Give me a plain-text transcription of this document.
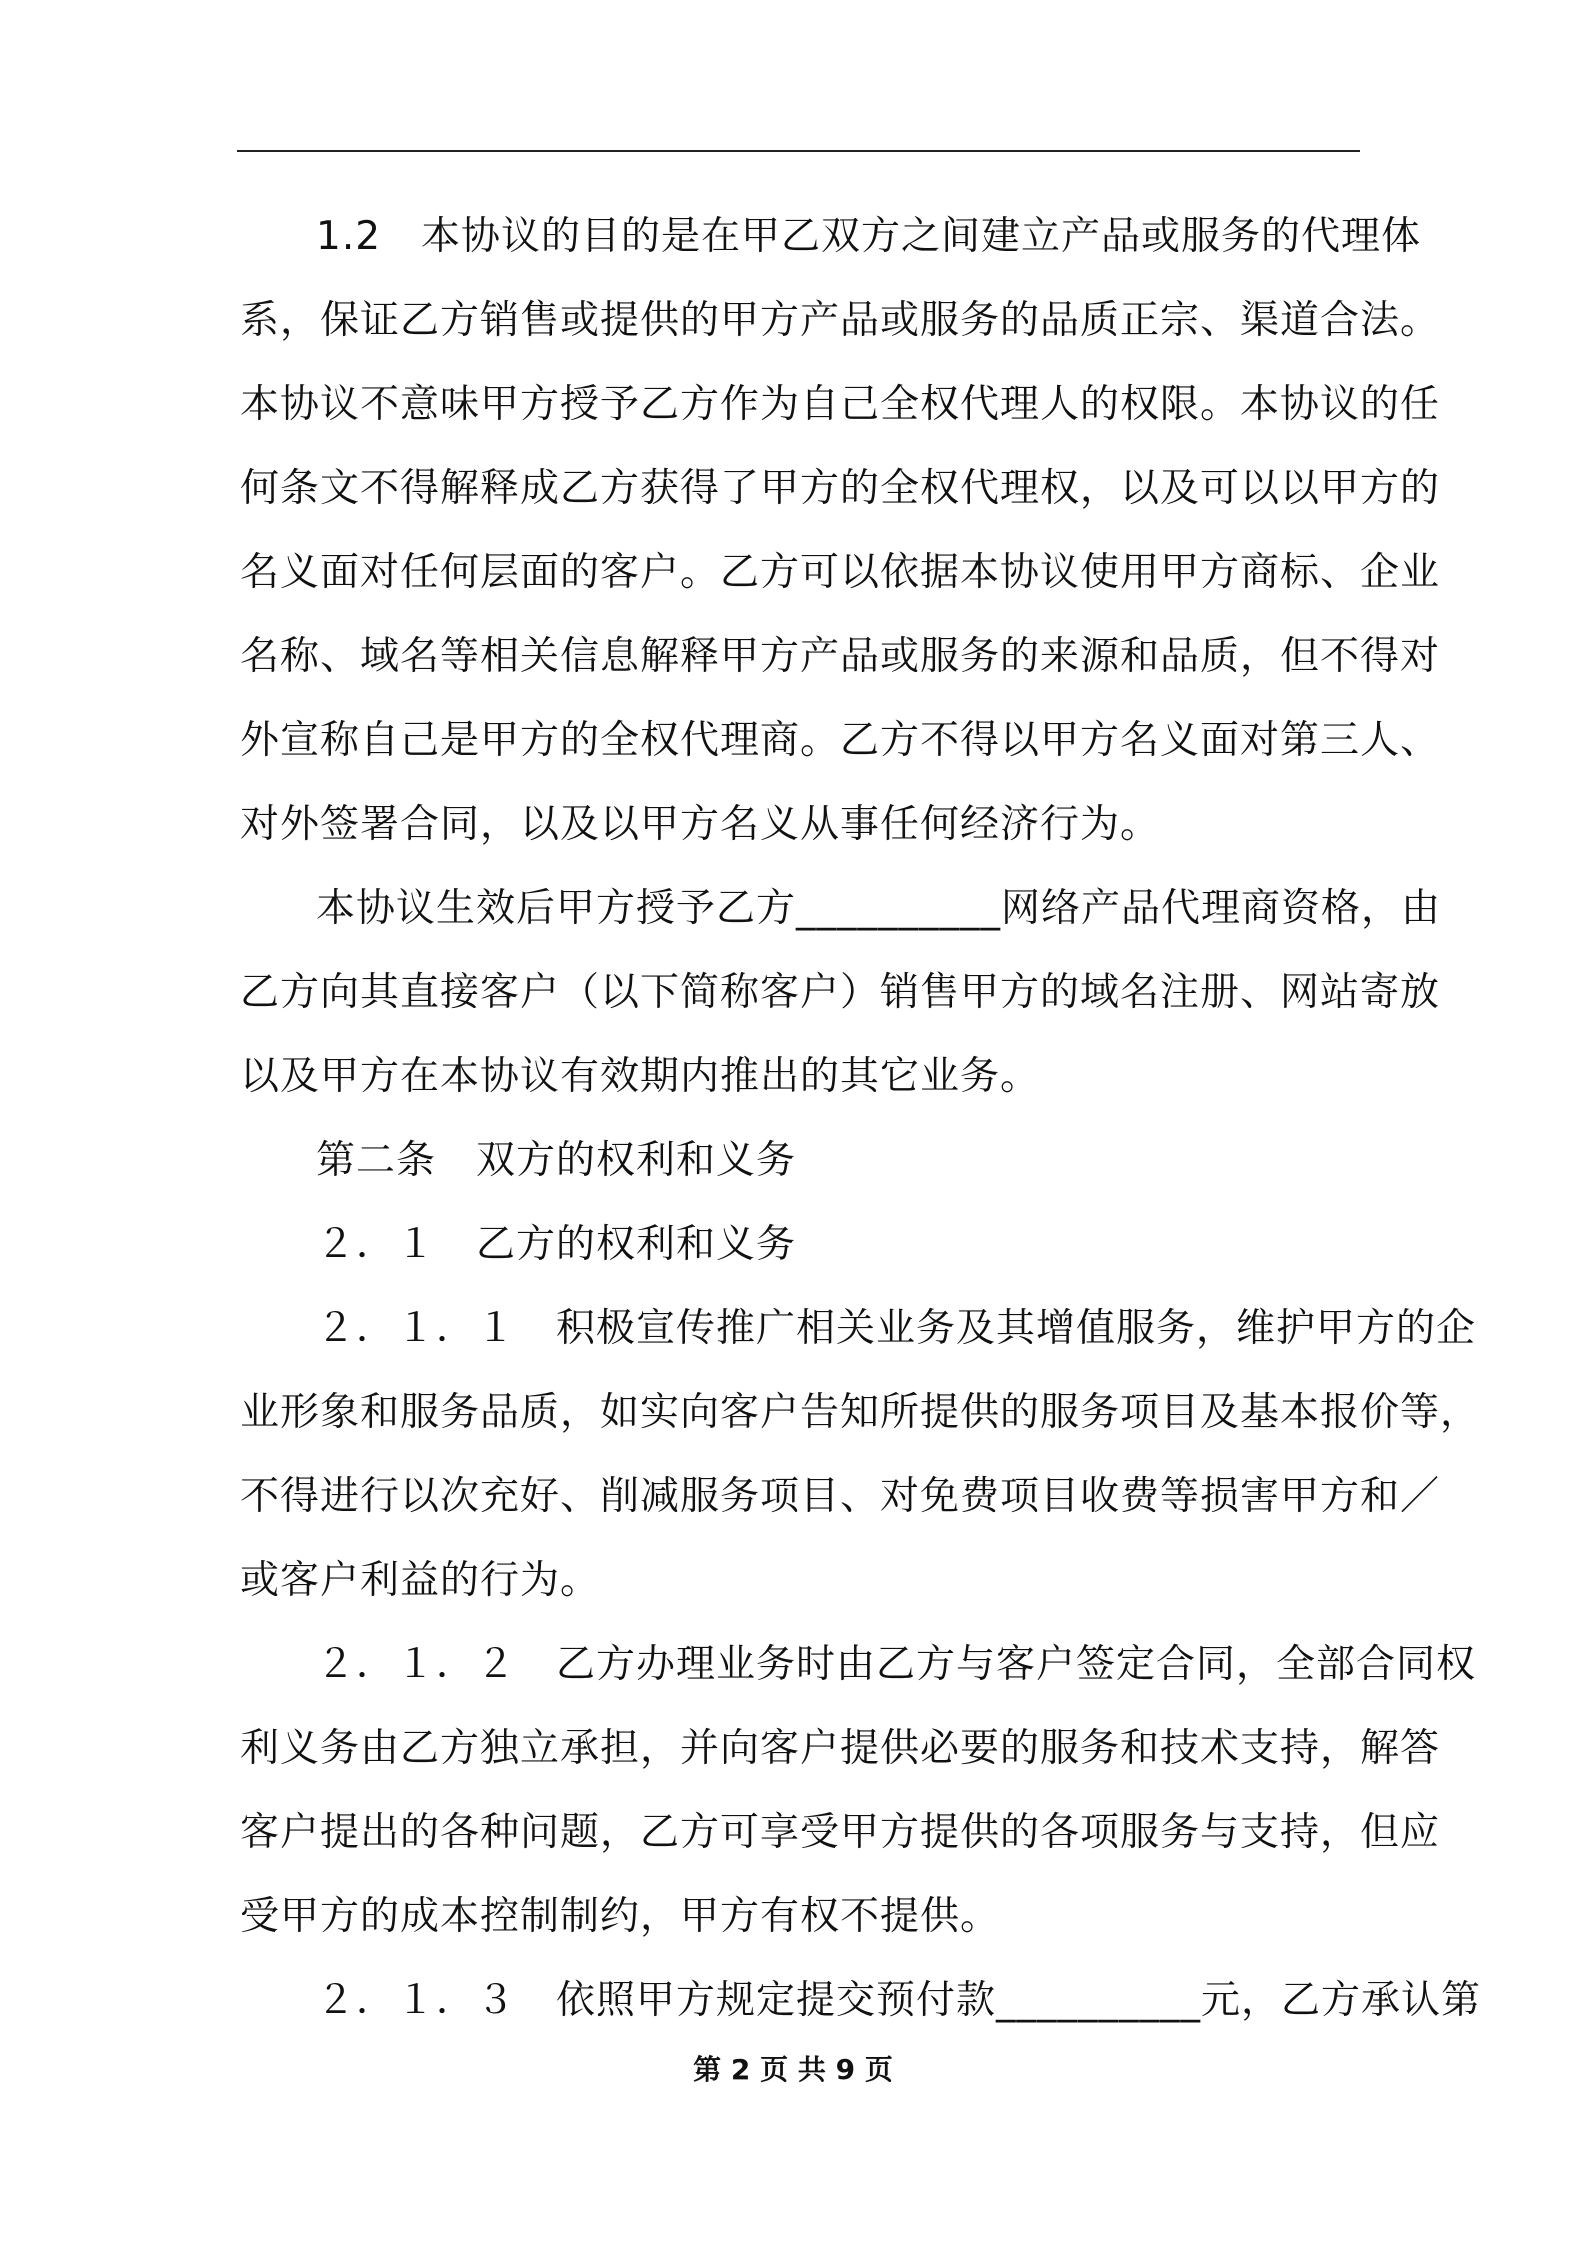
1.2　本协议的目的是在甲乙双方之间建立产品或服务的代理体
系，保证乙方销售或提供的甲方产品或服务的品质正宗、渠道合法。
本协议不意味甲方授予乙方作为自己全权代理人的权限。本协议的任
何条文不得解释成乙方获得了甲方的全权代理权，以及可以以甲方的
名义面对任何层面的客户。乙方可以依据本协议使用甲方商标、企业
名称、域名等相关信息解释甲方产品或服务的来源和品质，但不得对
外宣称自己是甲方的全权代理商。乙方不得以甲方名义面对第三人、
对外签署合同，以及以甲方名义从事任何经济行为。
本协议生效后甲方授予乙方__________网络产品代理商资格，由
乙方向其直接客户（以下简称客户）销售甲方的域名注册、网站寄放
以及甲方在本协议有效期内推出的其它业务。
第二条　双方的权利和义务
２．１　乙方的权利和义务
２．１．１　积极宣传推广相关业务及其增值服务，维护甲方的企
业形象和服务品质，如实向客户告知所提供的服务项目及基本报价等，
不得进行以次充好、削减服务项目、对免费项目收费等损害甲方和／
或客户利益的行为。
２．１．２　乙方办理业务时由乙方与客户签定合同，全部合同权
利义务由乙方独立承担，并向客户提供必要的服务和技术支持，解答
客户提出的各种问题，乙方可享受甲方提供的各项服务与支持，但应
受甲方的成本控制制约，甲方有权不提供。
２．１．３　依照甲方规定提交预付款__________元，乙方承认第
第 2 页 共 9 页
